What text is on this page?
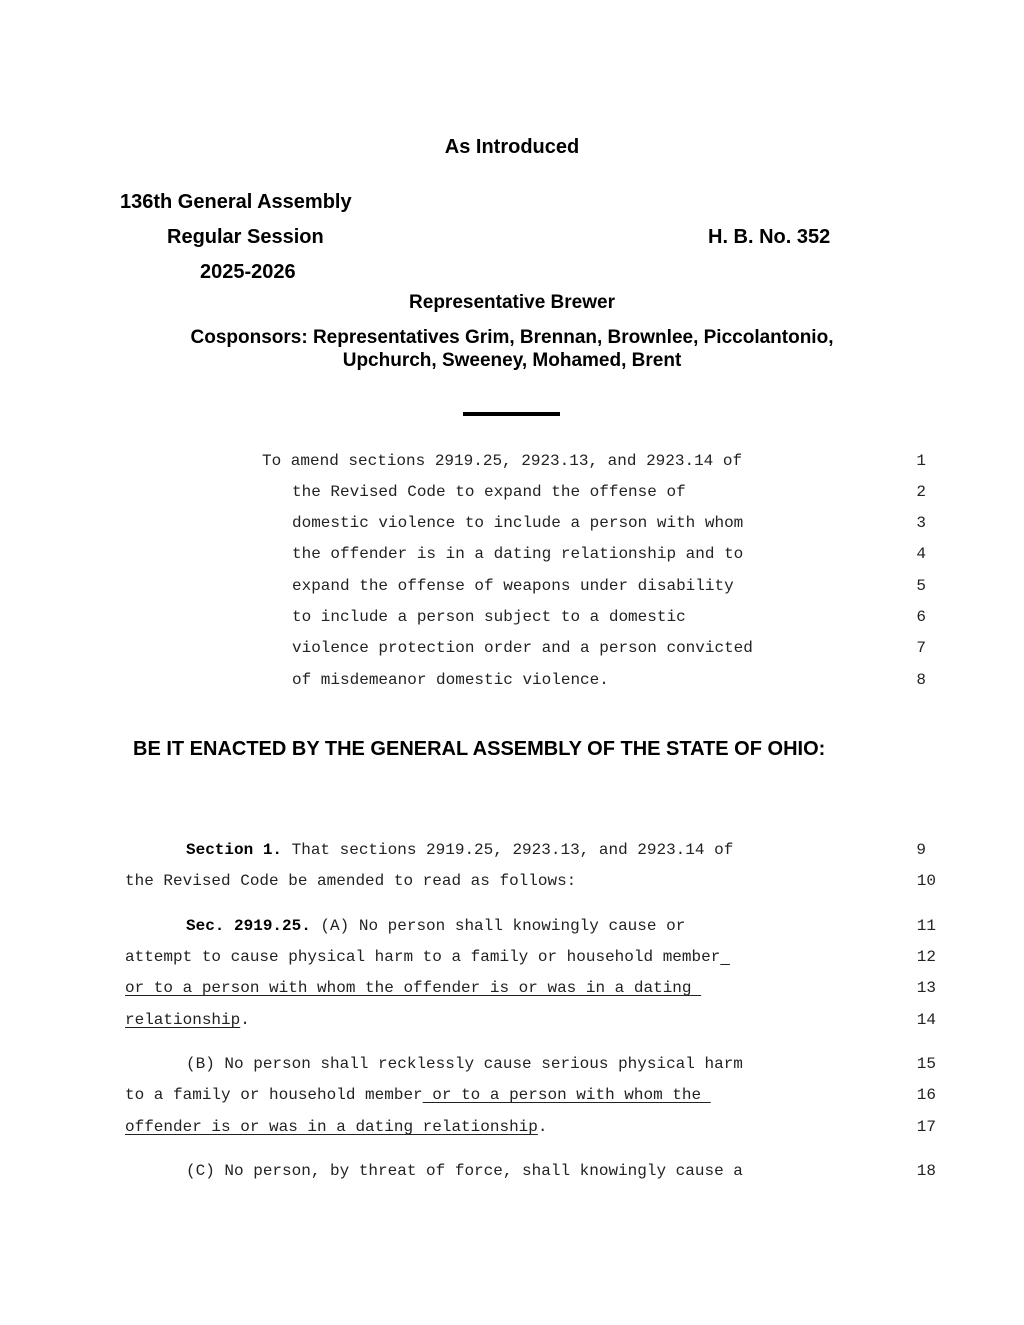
As Introduced
136th General Assembly
Regular Session	H. B. No. 352
2025-2026
Representative Brewer
Cosponsors: Representatives Grim, Brennan, Brownlee, Piccolantonio,
Upchurch, Sweeney, Mohamed, Brent
To amend sections 2919.25, 2923.13, and 2923.14 of	1
the Revised Code to expand the offense of	2
domestic violence to include a person with whom	3
the offender is in a dating relationship and to	4
expand the offense of weapons under disability	5
to include a person subject to a domestic	6
violence protection order and a person convicted	7
of misdemeanor domestic violence.	8
BE IT ENACTED BY THE GENERAL ASSEMBLY OF THE STATE OF OHIO:
Section 1. That sections 2919.25, 2923.13, and 2923.14 of	9
the Revised Code be amended to read as follows:	10
Sec. 2919.25. (A) No person shall knowingly cause or	11
attempt to cause physical harm to a family or household member	12
or to a person with whom the offender is or was in a dating	13
relationship.	14
(B) No person shall recklessly cause serious physical harm	15
to a family or household member or to a person with whom the	16
offender is or was in a dating relationship.	17
(C) No person, by threat of force, shall knowingly cause a	18
